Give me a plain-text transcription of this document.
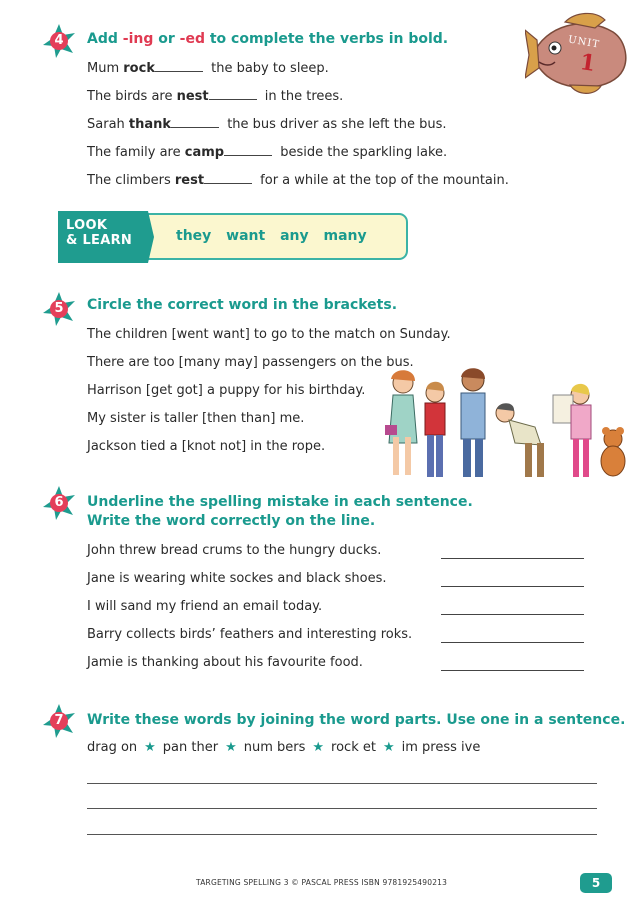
UNIT
1
4	Add -ing or -ed to complete the verbs in bold.
Mum rock	the baby to sleep.
The birds are nest	in the trees.
Sarah thank	the bus driver as she left the bus.
The family are camp	beside the sparkling lake.
The climbers rest	for a while at the top of the mountain.
LOOK
& LEARN	they want any many
5	Circle the correct word in the brackets.
The children [went want] to go to the match on Sunday.
There are too [many may] passengers on the bus.
Harrison [get got] a puppy for his birthday.
My sister is taller [then than] me.
Jackson tied a [knot not] in the rope.
6	Underline the spelling mistake in each sentence.
Write the word correctly on the line.
John threw bread crums to the hungry ducks.
Jane is wearing white sockes and black shoes.
I will sand my friend an email today.
Barry collects birds’ feathers and interesting roks.
Jamie is thanking about his favourite food.
7	Write these words by joining the word parts. Use one in a sentence.
drag on ★ pan ther ★ num bers ★ rock et ★ im press ive
TARGETING SPELLING 3 © PASCAL PRESS ISBN 9781925490213	5
